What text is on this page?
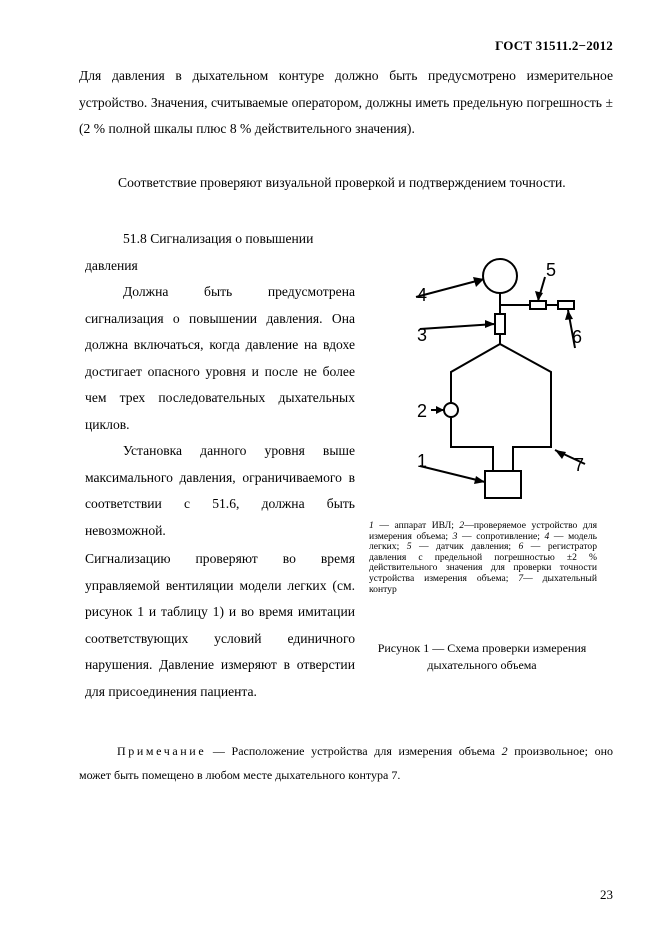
ГОСТ 31511.2−2012
Для давления в дыхательном контуре должно быть предусмотрено измерительное устройство. Значения, считываемые оператором, должны иметь предельную погрешность ± (2 % полной шкалы плюс 8 % действительного значения).
Соответствие проверяют визуальной проверкой и подтверждением точности.
51.8 Сигнализация о повышении
давления
Должна быть предусмотрена сигнализация о повышении давления. Она должна включаться, когда давление на вдохе достигает опасного уровня и после не более чем трех последовательных дыхательных циклов.
Установка данного уровня выше максимального давления, ограничиваемого в соответствии с 51.6, должна быть невозможной.
Сигнализацию проверяют во время управляемой вентиляции модели легких (см. рисунок 1 и таблицу 1) и во время имитации соответствующих условий единичного нарушения. Давление измеряют в отверстии для присоединения пациента.
4
3
5
6
2
1	7
1 — аппарат ИВЛ; 2—проверяемое устройство для измерения объема; 3 — сопротивление; 4 — модель легких; 5 — датчик давления; 6 — регистратор давления с предельной погрешностью ±2 % действительного значения для проверки точности устройства измерения объема; 7— дыхательный контур
Рисунок 1 — Схема проверки измерения дыхательного объема
Примечание — Расположение устройства для измерения объема 2 произвольное; оно может быть помещено в любом месте дыхательного контура 7.
23
